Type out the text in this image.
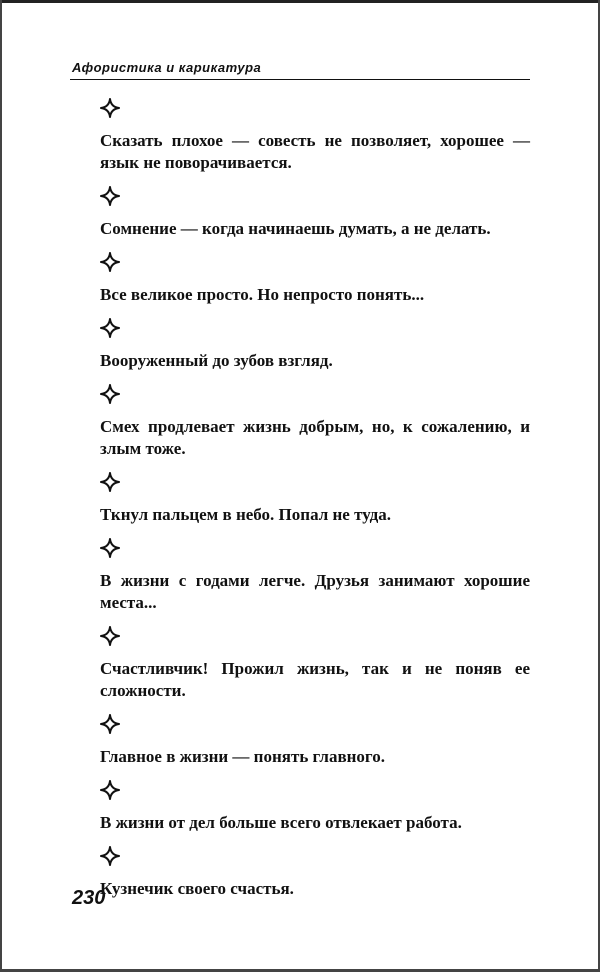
Афористика и карикатура

Сказать плохое — совесть не позволяет, хорошее — язык не поворачивается.

Сомнение — когда начинаешь думать, а не делать.

Все великое просто. Но непросто понять...

Вооруженный до зубов взгляд.

Смех продлевает жизнь добрым, но, к сожалению, и злым тоже.

Ткнул пальцем в небо. Попал не туда.

В жизни с годами легче. Друзья занимают хорошие места...

Счастливчик! Прожил жизнь, так и не поняв ее сложности.

Главное в жизни — понять главного.

В жизни от дел больше всего отвлекает работа.

Кузнечик своего счастья.

230
